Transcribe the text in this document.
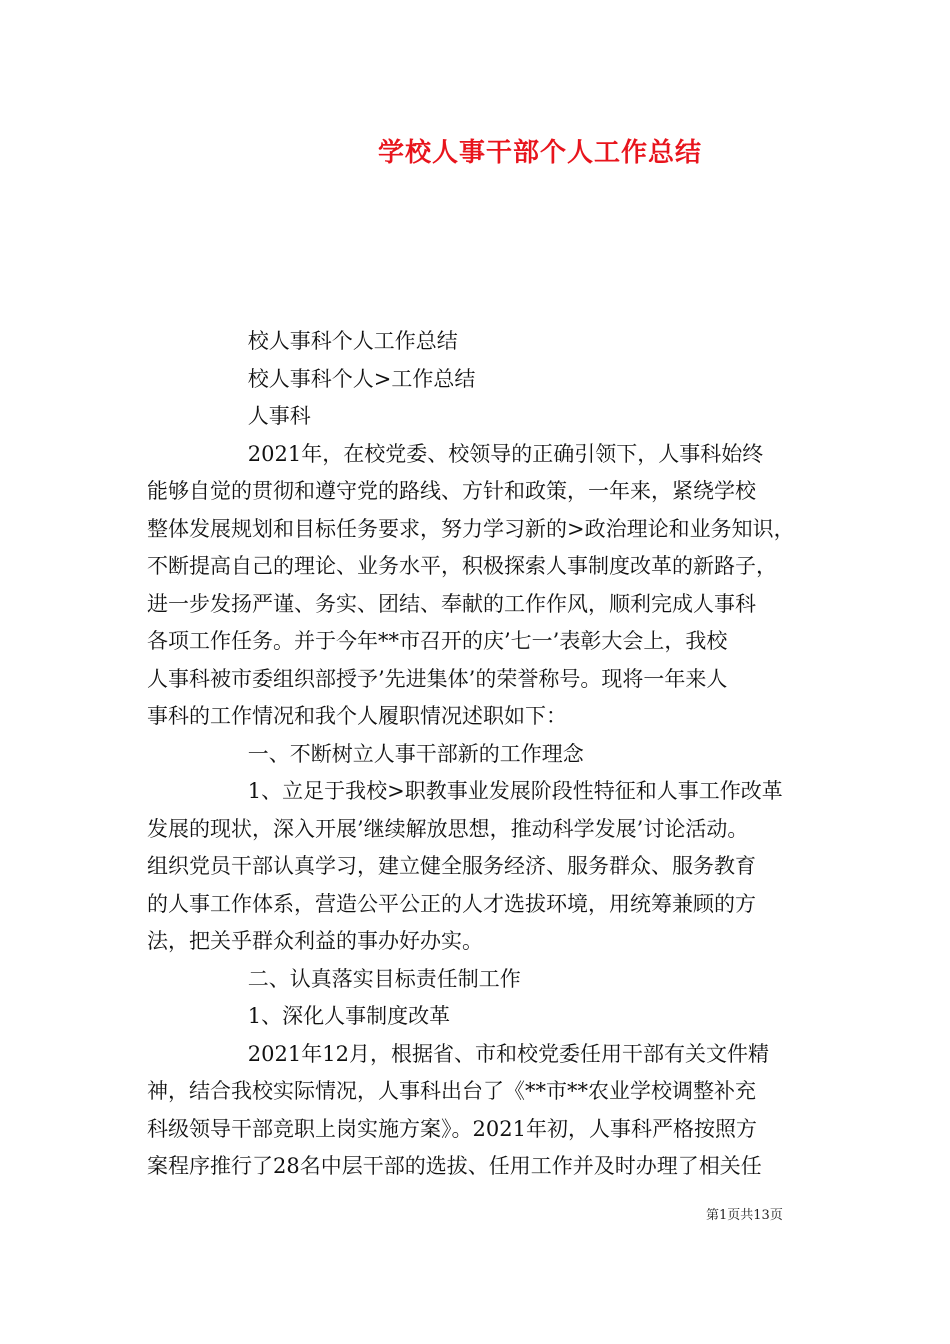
学校人事干部个人工作总结
校人事科个人工作总结
校人事科个人>工作总结
人事科
2021年，在校党委、校领导的正确引领下，人事科始终
能够自觉的贯彻和遵守党的路线、方针和政策，一年来，紧绕学校
整体发展规划和目标任务要求，努力学习新的>政治理论和业务知识，
不断提高自己的理论、业务水平，积极探索人事制度改革的新路子，
进一步发扬严谨、务实、团结、奉献的工作作风，顺利完成人事科
各项工作任务。并于今年**市召开的庆’七一’表彰大会上，我校
人事科被市委组织部授予’先进集体’的荣誉称号。现将一年来人
事科的工作情况和我个人履职情况述职如下：
一、不断树立人事干部新的工作理念
1、立足于我校>职教事业发展阶段性特征和人事工作改革
发展的现状，深入开展’继续解放思想，推动科学发展’讨论活动。
组织党员干部认真学习，建立健全服务经济、服务群众、服务教育
的人事工作体系，营造公平公正的人才选拔环境，用统筹兼顾的方
法，把关乎群众利益的事办好办实。
二、认真落实目标责任制工作
1、深化人事制度改革
2021年12月，根据省、市和校党委任用干部有关文件精
神，结合我校实际情况，人事科出台了《**市**农业学校调整补充
科级领导干部竞职上岗实施方案》。2021年初，人事科严格按照方
案程序推行了28名中层干部的选拔、任用工作并及时办理了相关任
第1页共13页
